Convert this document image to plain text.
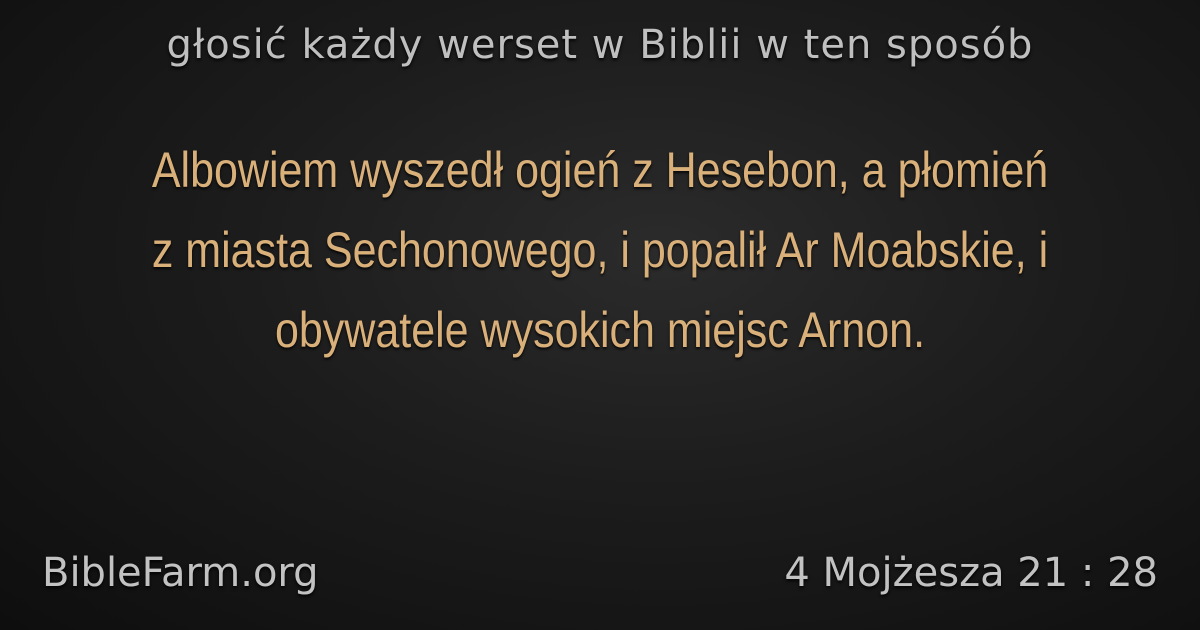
głosić każdy werset w Biblii w ten sposób
Albowiem wyszedł ogień z Hesebon, a płomień z miasta Sechonowego, i popalił Ar Moabskie, i obywatele wysokich miejsc Arnon.
BibleFarm.org	4 Mojżesza 21 : 28
